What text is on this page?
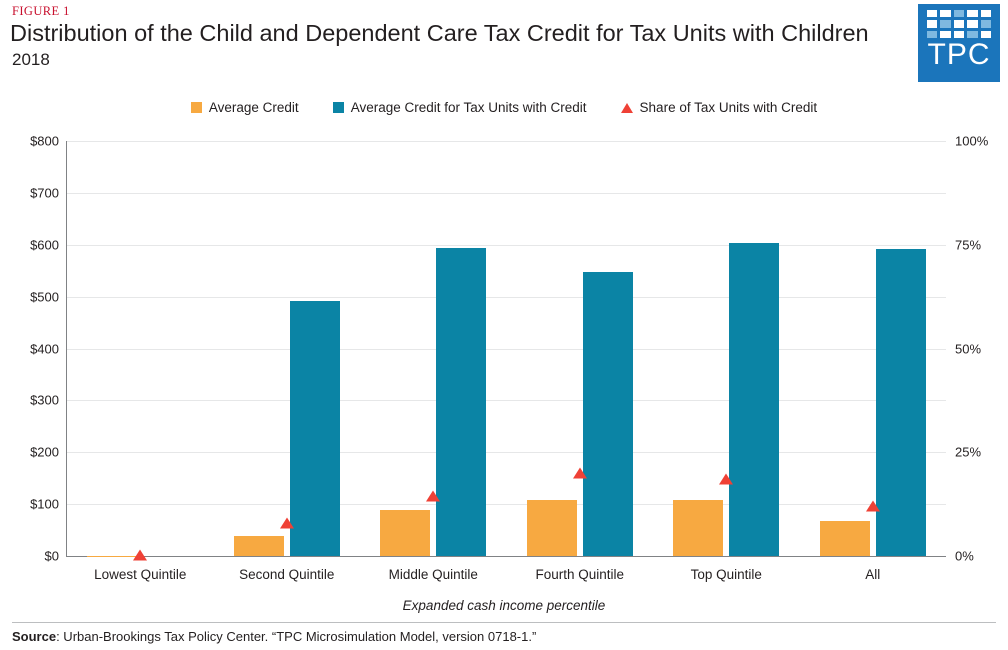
FIGURE 1
Distribution of the Child and Dependent Care Tax Credit for Tax Units with Children
2018	TPC
Average Credit	Average Credit for Tax Units with Credit	Share of Tax Units with Credit
$800
$700
$600
$500
$400
$300
$200
$100
$0
100%
75%
50%
25%
0%
Lowest Quintile	Second Quintile	Middle Quintile	Fourth Quintile	Top Quintile	All
Expanded cash income percentile
Source: Urban-Brookings Tax Policy Center. “TPC Microsimulation Model, version 0718-1.”
